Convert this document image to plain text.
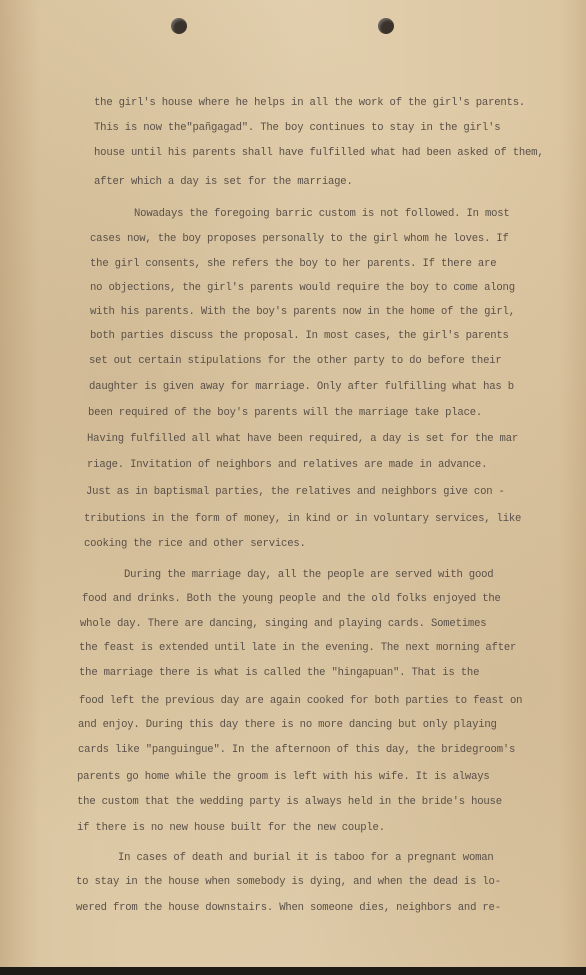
the girl's house where he helps in all the work of the girl's parents.
This is now the"pañgagad". The boy continues to stay in the girl's
house until his parents shall have fulfilled what had been asked of them,
after which a day is set for the marriage.
Nowadays the foregoing barric custom is not followed. In most
cases now, the boy proposes personally to the girl whom he loves. If
the girl consents, she refers the boy to her parents. If there are
no objections, the girl's parents would require the boy to come along
with his parents. With the boy's parents now in the home of the girl,
both parties discuss the proposal. In most cases, the girl's parents
set out certain stipulations for the other party to do before their
daughter is given away for marriage. Only after fulfilling what has b
been required of the boy's parents will the marriage take place.
Having fulfilled all what have been required, a day is set for the mar
riage. Invitation of neighbors and relatives are made in advance.
Just as in baptismal parties, the relatives and neighbors give con -
tributions in the form of money, in kind or in voluntary services, like
cooking the rice and other services.
During the marriage day, all the people are served with good
food and drinks. Both the young people and the old folks enjoyed the
whole day. There are dancing, singing and playing cards. Sometimes
the feast is extended until late in the evening. The next morning after
the marriage there is what is called the "hingapuan". That is the
food left the previous day are again cooked for both parties to feast on
and enjoy. During this day there is no more dancing but only playing
cards like "panguingue". In the afternoon of this day, the bridegroom's
parents go home while the groom is left with his wife. It is always
the custom that the wedding party is always held in the bride's house
if there is no new house built for the new couple.
In cases of death and burial it is taboo for a pregnant woman
to stay in the house when somebody is dying, and when the dead is lo-
wered from the house downstairs. When someone dies, neighbors and re-
